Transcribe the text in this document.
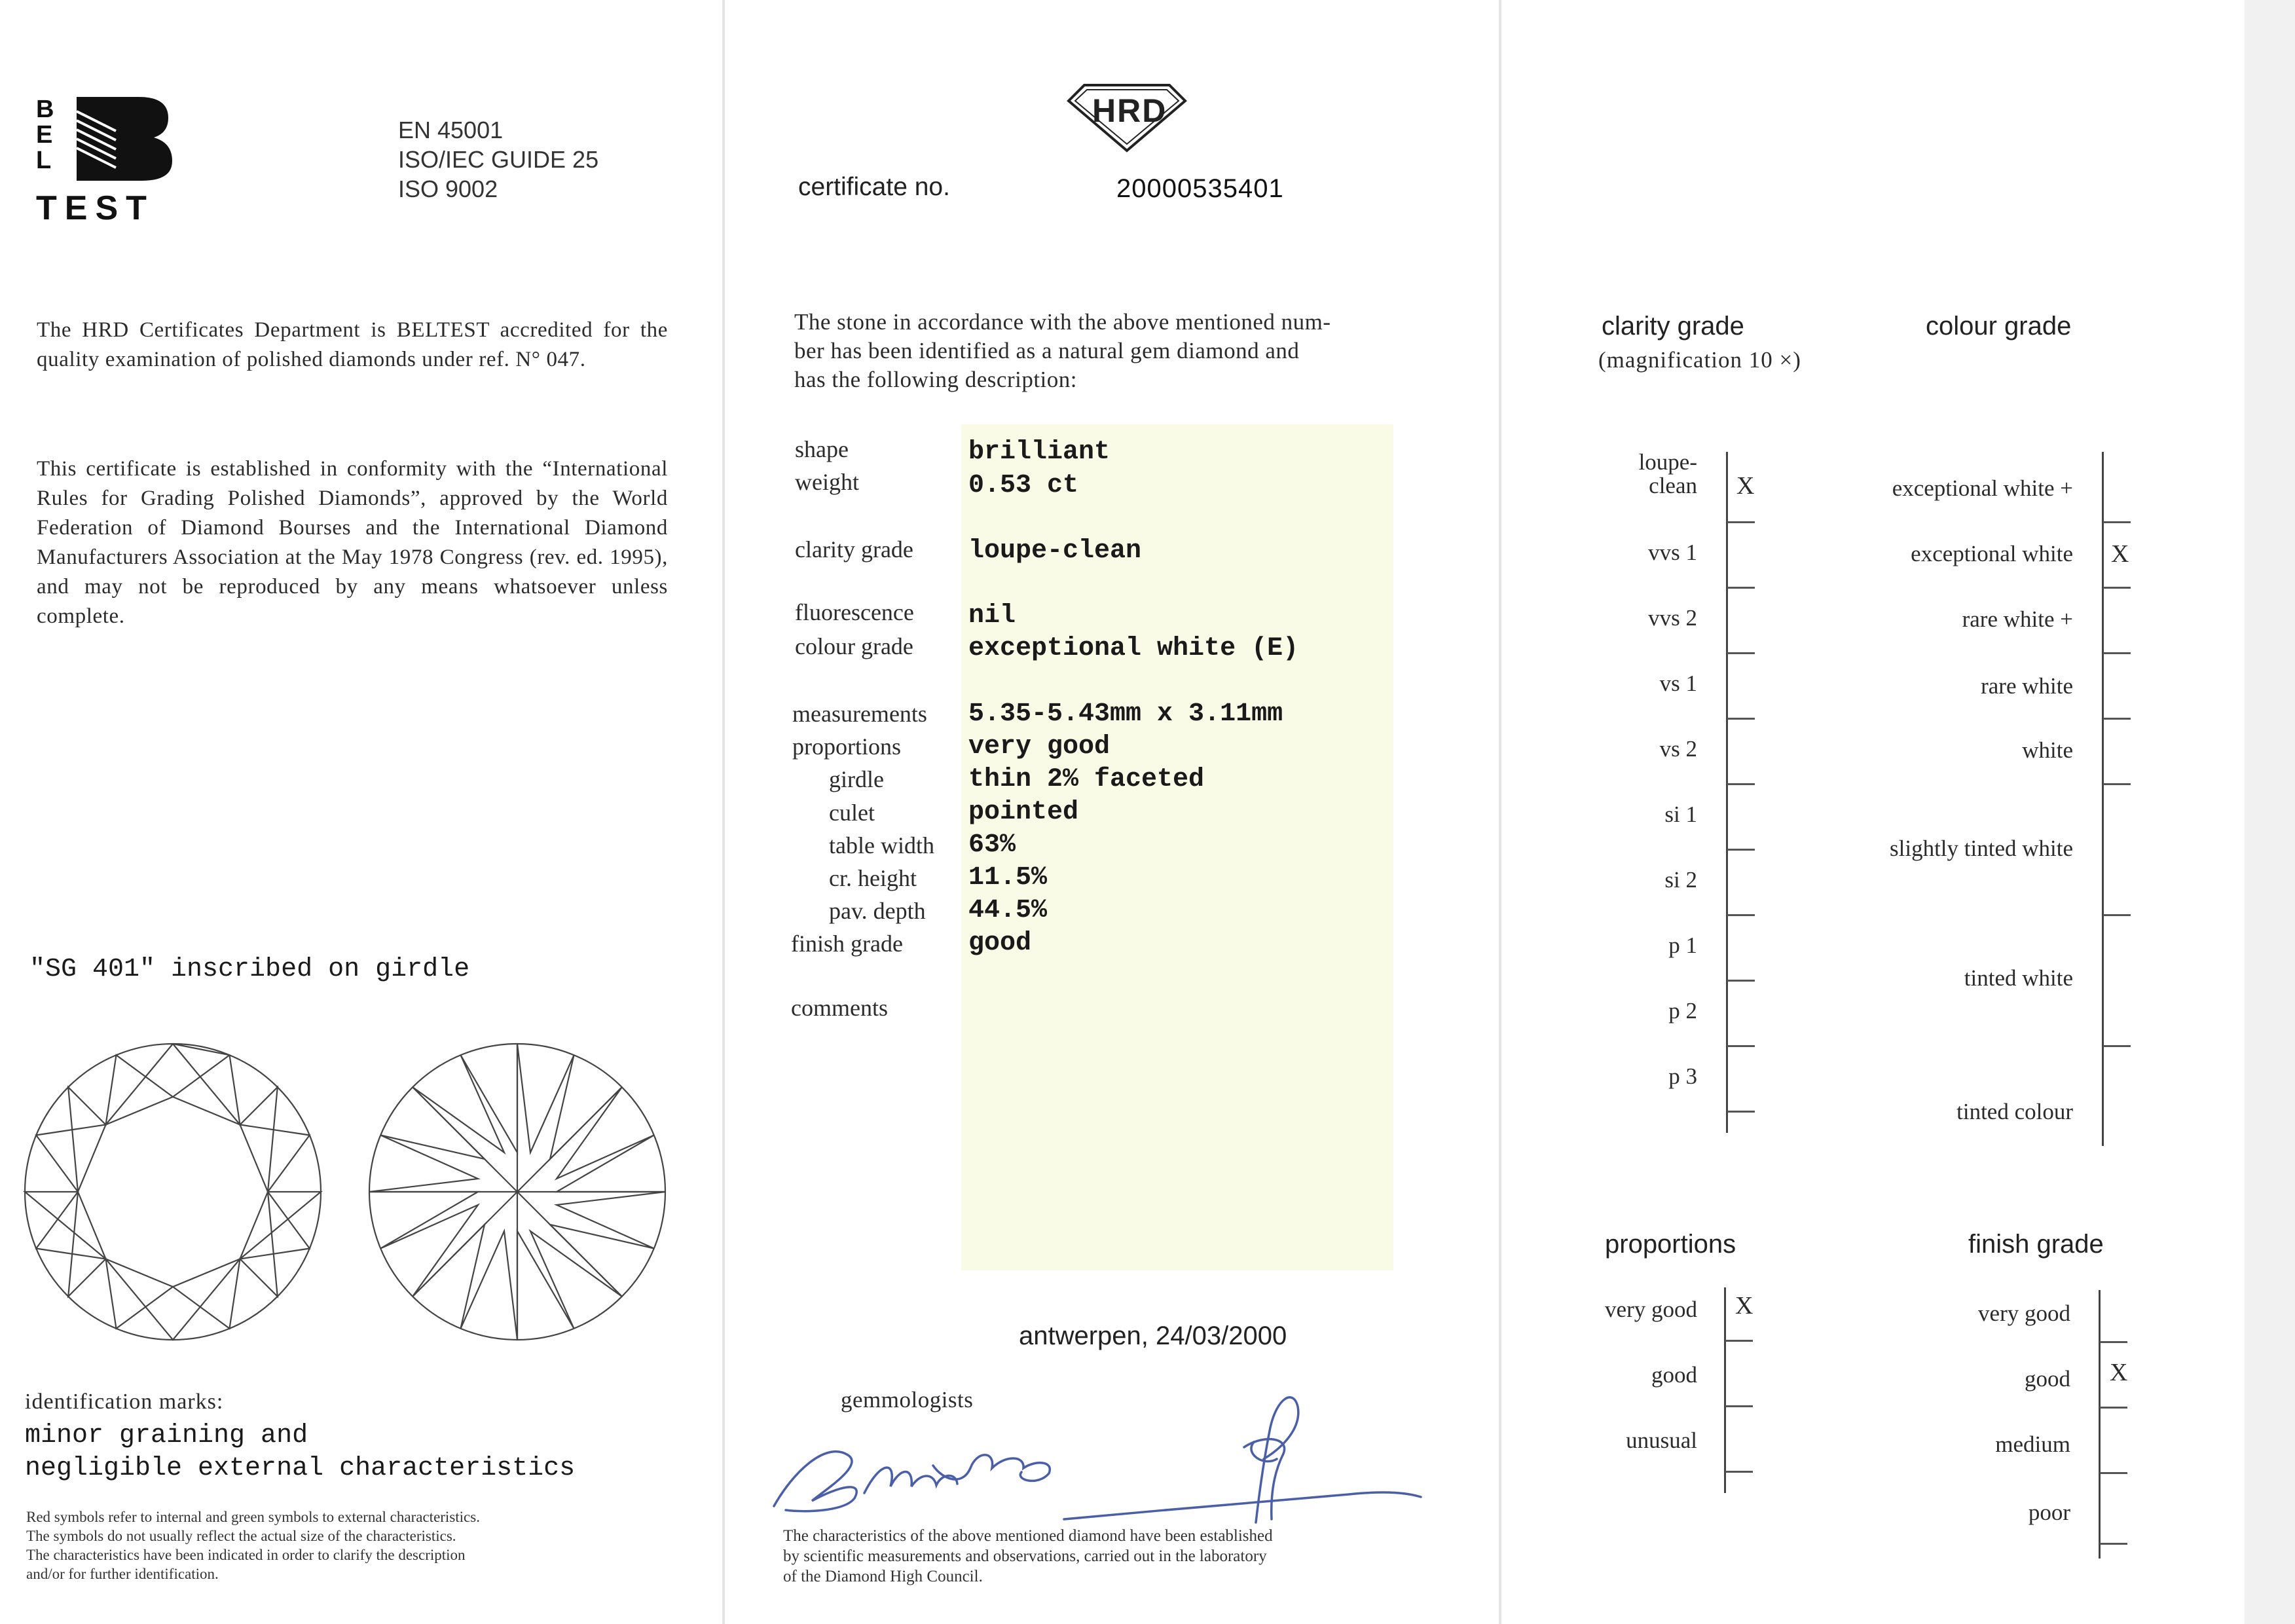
B
E
L
TEST
EN 45001
ISO/IEC GUIDE 25
ISO 9002
The HRD Certificates Department is BELTEST accredited for the quality examination of polished diamonds under ref. N° 047.
This certificate is established in conformity with the “International Rules for Grading Polished Diamonds”, approved by the World Federation of Diamond Bourses and the International Diamond Manufacturers Association at the May 1978 Congress (rev. ed. 1995), and may not be reproduced by any means whatsoever unless complete.
"SG 401" inscribed on girdle
identification marks:
minor graining and
negligible external characteristics
Red symbols refer to internal and green symbols to external characteristics.
The symbols do not usually reflect the actual size of the characteristics.
The characteristics have been indicated in order to clarify the description
and/or for further identification.
HRD
certificate no.	20000535401
The stone in accordance with the above mentioned num-
ber has been identified as a natural gem diamond and
has the following description:
shape
weight
clarity grade
fluorescence
colour grade
measurements
proportions
girdle
culet
table width
cr. height
pav. depth
finish grade
comments
brilliant
0.53 ct
loupe-clean
nil
exceptional white (E)
5.35-5.43mm x 3.11mm
very good
thin 2% faceted
pointed
63%
11.5%
44.5%
good
antwerpen, 24/03/2000
gemmologists
The characteristics of the above mentioned diamond have been established
by scientific measurements and observations, carried out in the laboratory
of the Diamond High Council.
clarity grade
(magnification 10 ×)
colour grade
loupe-
clean X
vvs 1
vvs 2
vs 1
vs 2
si 1
si 2
p 1
p 2
p 3
exceptional white +
exceptional white X
rare white +
rare white
white
slightly tinted white
tinted white
tinted colour
proportions
very good X
good
unusual
finish grade
very good
good X
medium
poor
